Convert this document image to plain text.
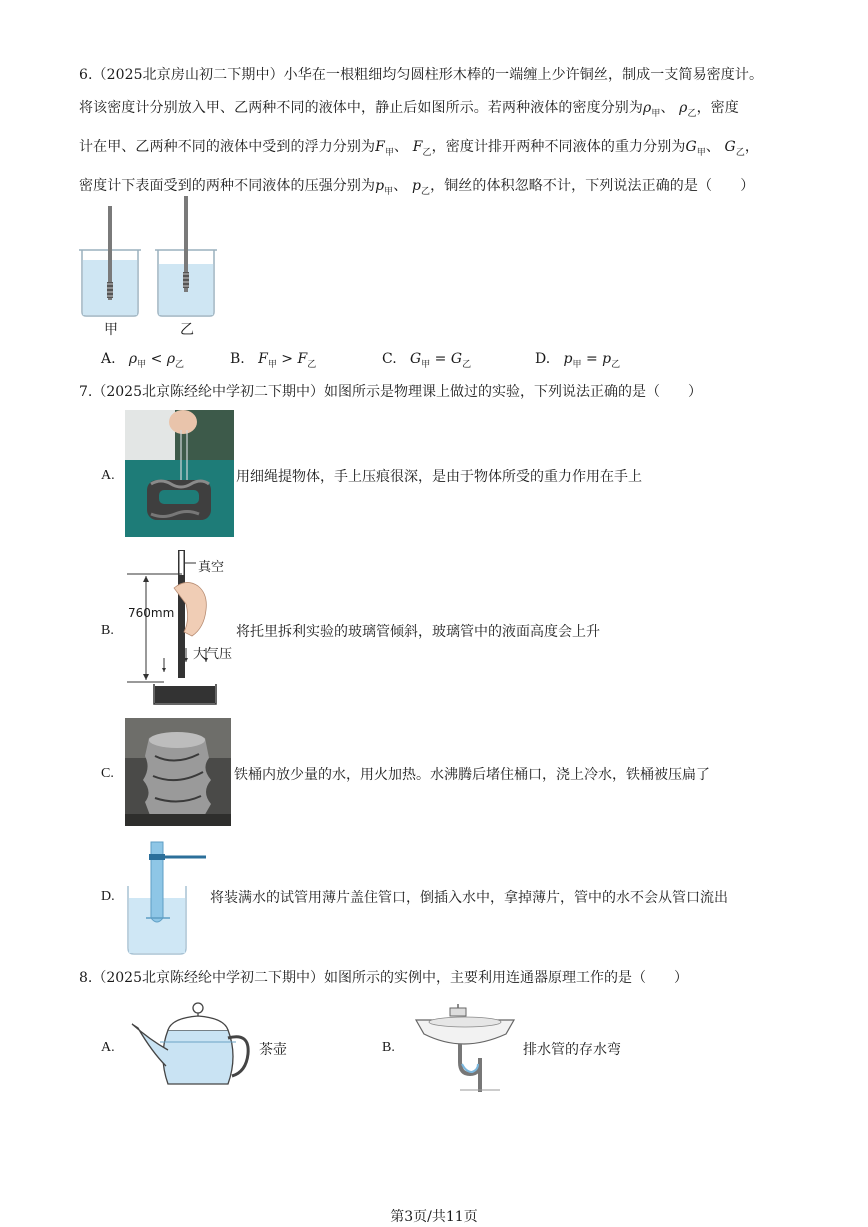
6.（2025北京房山初二下期中）小华在一根粗细均匀圆柱形木棒的一端缠上少许铜丝，制成一支简易密度计。
将该密度计分别放入甲、乙两种不同的液体中，静止后如图所示。若两种液体的密度分别为$\rho_甲$、 $\rho_乙$，密度
计在甲、乙两种不同的液体中受到的浮力分别为$F_甲$、 $F_乙$，密度计排开两种不同液体的重力分别为$G_甲$、 $G_乙$，
密度计下表面受到的两种不同液体的压强分别为$p_甲$、 $p_乙$，铜丝的体积忽略不计，下列说法正确的是（　　）
甲	乙
A. $\rho_甲 < \rho_乙$	B. $F_甲 > F_乙$	C. $G_甲 = G_乙$	D. $p_甲 = p_乙$
7.（2025北京陈经纶中学初二下期中）如图所示是物理课上做过的实验，下列说法正确的是（　　）
A.	用细绳提物体，手上压痕很深，是由于物体所受的重力作用在手上
真空
760mm
大气压
B.	将托里拆利实验的玻璃管倾斜，玻璃管中的液面高度会上升
C.	铁桶内放少量的水，用火加热。水沸腾后堵住桶口，浇上冷水，铁桶被压扁了
D.	将装满水的试管用薄片盖住管口，倒插入水中，拿掉薄片，管中的水不会从管口流出
8.（2025北京陈经纶中学初二下期中）如图所示的实例中，主要利用连通器原理工作的是（　　）
A.	茶壶	B.	排水管的存水弯
第3页/共11页
